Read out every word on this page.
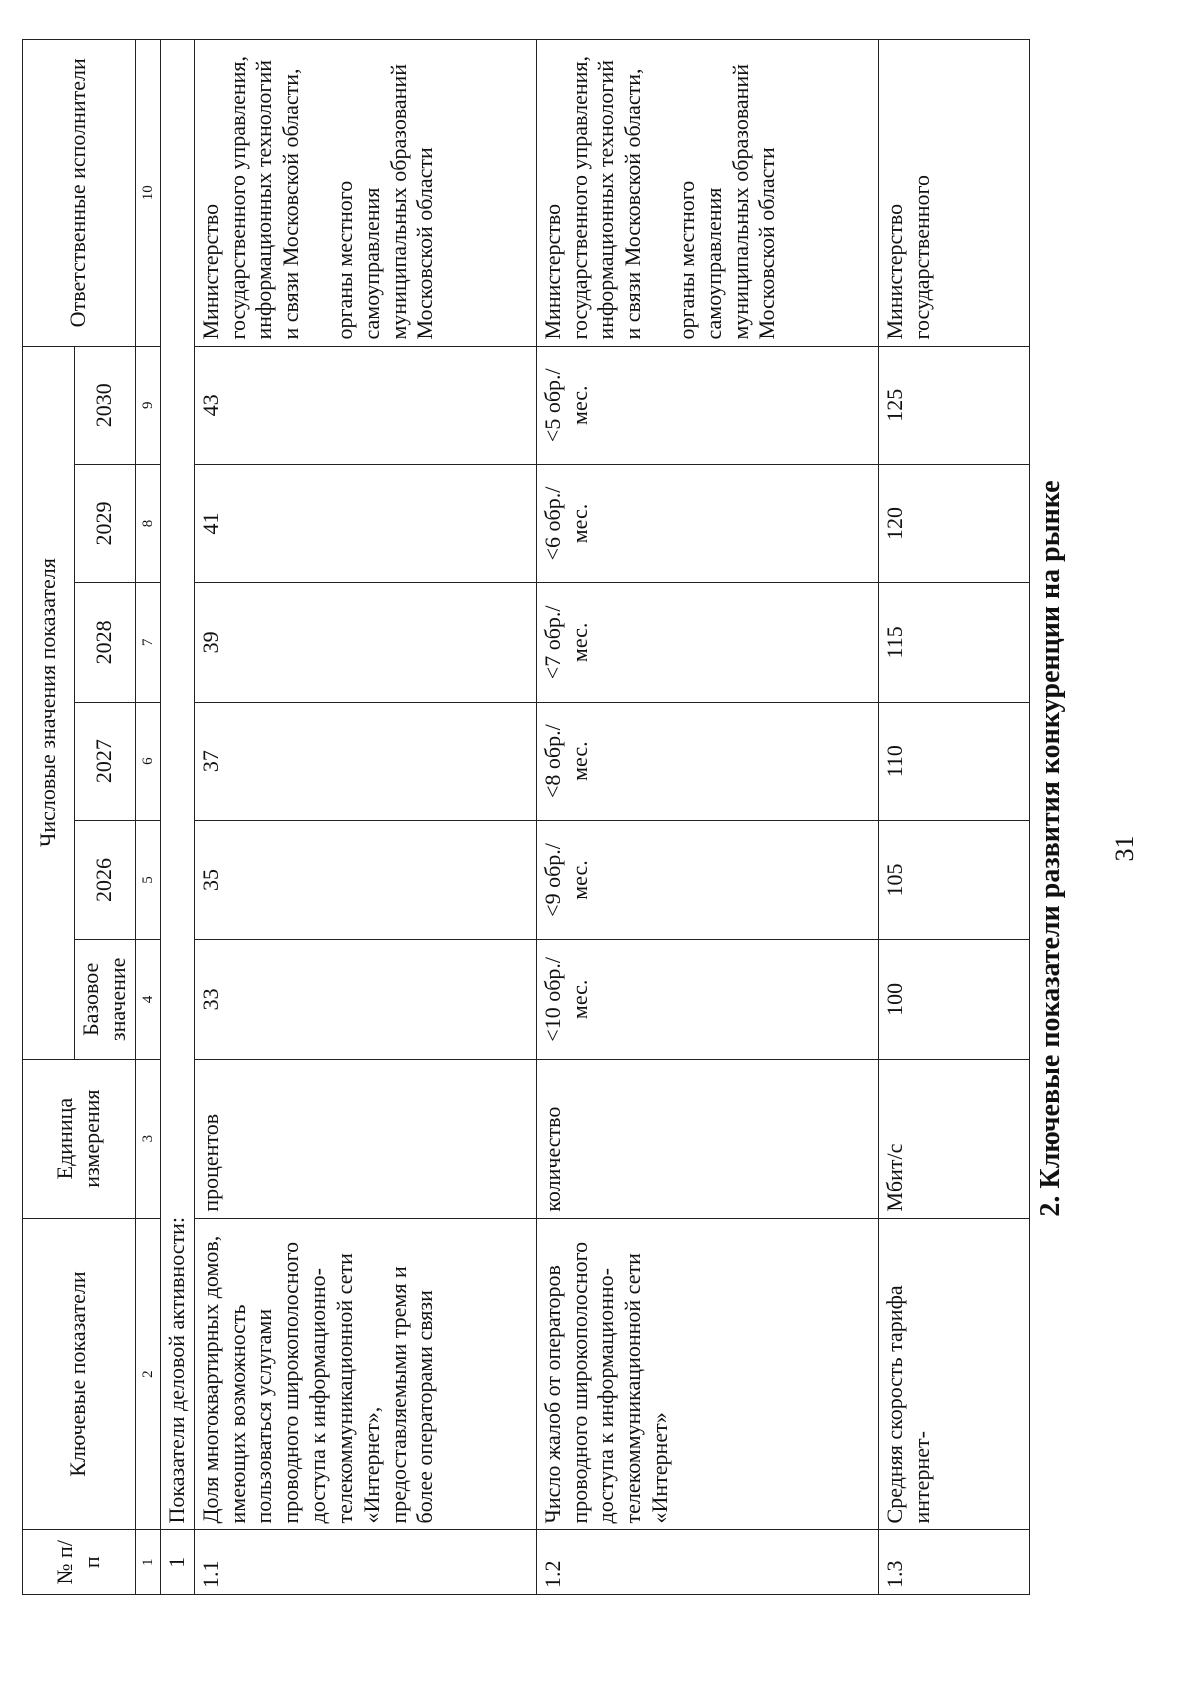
31
2. Ключевые показатели развития конкуренции на рынке
№ п/п	Ключевые показатели	Единица измерения	Числовые значения показателя						Ответственные исполнители
			Базовое значение	2026	2027	2028	2029	2030	
1	2	3	4	5	6	7	8	9	10
1	Показатели деловой активности:								
1.1	Доля многоквартирных домов, имеющих возможность пользоваться услугами проводного широкополосного доступа к информационно-телекоммуникационной сети «Интернет», предоставляемыми тремя и более операторами связи	процентов	33	35	37	39	41	43	Министерство государственного управления, информационных технологий и связи Московской области,

органы местного самоуправления муниципальных образований Московской области
1.2	Число жалоб от операторов проводного широкополосного доступа к информационно-телекоммуникационной сети «Интернет»	количество	<10 обр./мес.	<9 обр./мес.	<8 обр./мес.	<7 обр./мес.	<6 обр./мес.	<5 обр./мес.	Министерство государственного управления, информационных технологий и связи Московской области,

органы местного самоуправления муниципальных образований Московской области
1.3	Средняя скорость тарифа интернет-	Мбит/с	100	105	110	115	120	125	Министерство государственного
